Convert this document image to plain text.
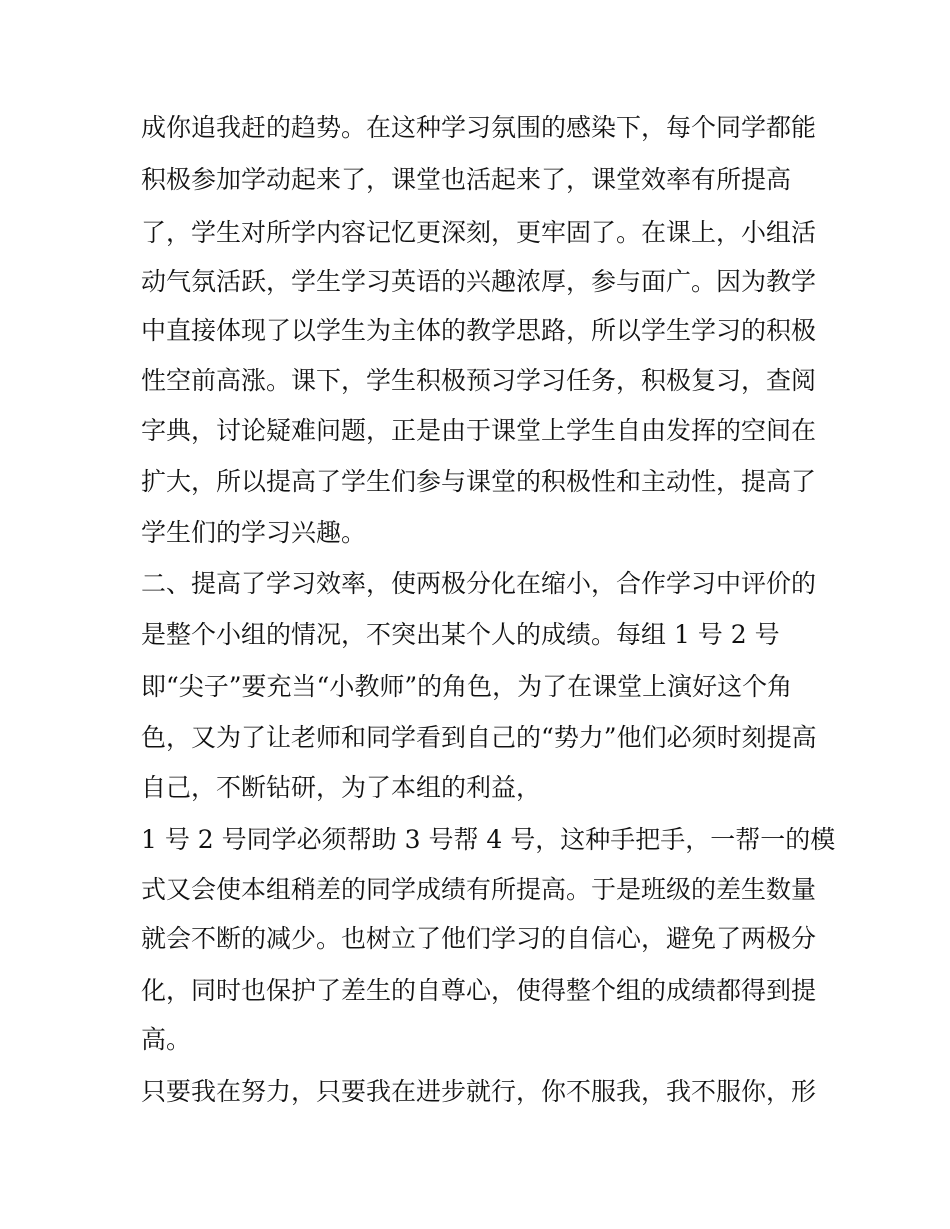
成你追我赶的趋势。在这种学习氛围的感染下，每个同学都能
积极参加学动起来了，课堂也活起来了，课堂效率有所提高
了，学生对所学内容记忆更深刻，更牢固了。在课上，小组活
动气氛活跃，学生学习英语的兴趣浓厚，参与面广。因为教学
中直接体现了以学生为主体的教学思路，所以学生学习的积极
性空前高涨。课下，学生积极预习学习任务，积极复习，查阅
字典，讨论疑难问题，正是由于课堂上学生自由发挥的空间在
扩大，所以提高了学生们参与课堂的积极性和主动性，提高了
学生们的学习兴趣。
二、提高了学习效率，使两极分化在缩小，合作学习中评价的
是整个小组的情况，不突出某个人的成绩。每组 1 号 2 号
即“尖子”要充当“小教师”的角色，为了在课堂上演好这个角
色，又为了让老师和同学看到自己的“势力”他们必须时刻提高
自己，不断钻研，为了本组的利益，
1 号 2 号同学必须帮助 3 号帮 4 号，这种手把手，一帮一的模
式又会使本组稍差的同学成绩有所提高。于是班级的差生数量
就会不断的减少。也树立了他们学习的自信心，避免了两极分
化，同时也保护了差生的自尊心，使得整个组的成绩都得到提
高。
只要我在努力，只要我在进步就行，你不服我，我不服你，形
